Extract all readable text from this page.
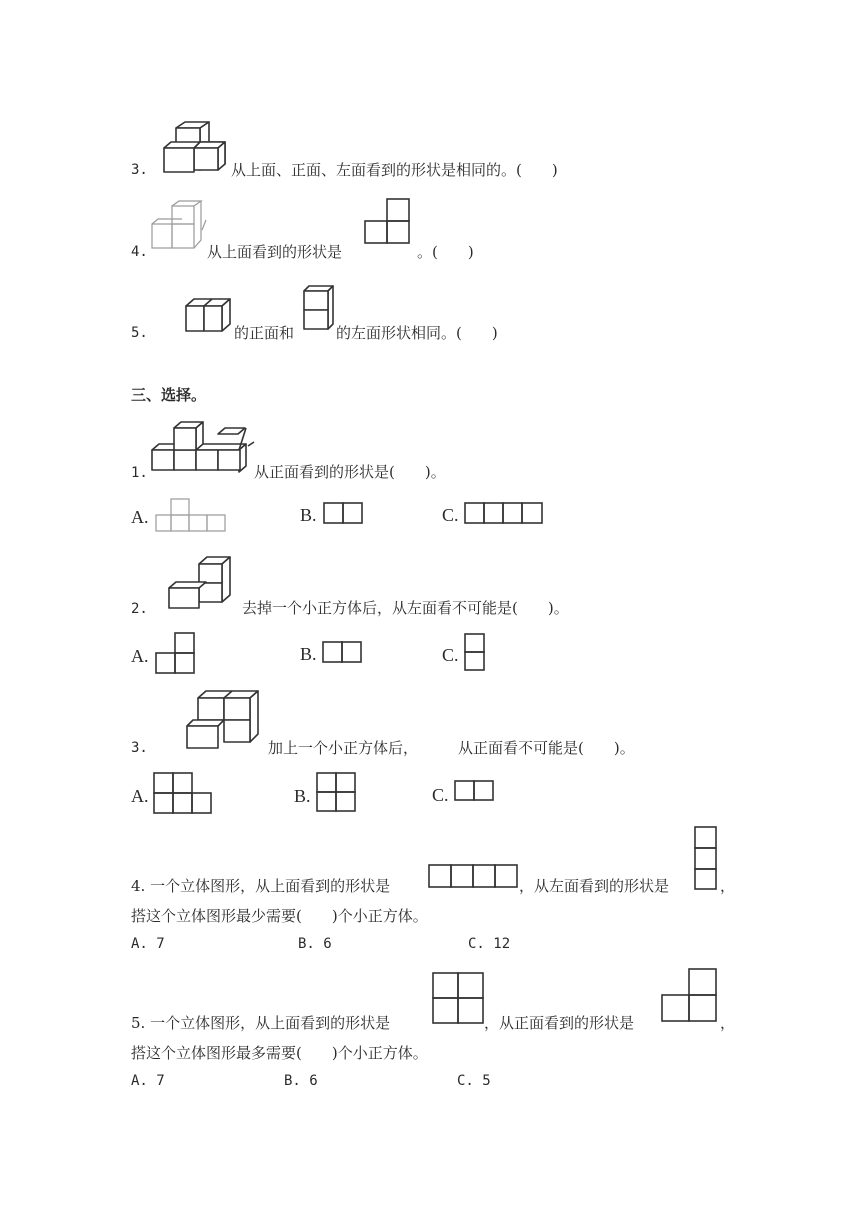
3.	从上面、正面、左面看到的形状是相同的。(　　)
4.	从上面看到的形状是	。(　　)
5.	的正面和	的左面形状相同。(　　)
三、选择。
1.	从正面看到的形状是(　　)。
A.	B.	C.
2.	去掉一个小正方体后，从左面看不可能是(　　)。
A.	B.	C.
3.	加上一个小正方体后，	从正面看不可能是(　　)。
A.	B.	C.
4. 一个立体图形，从上面看到的形状是	，从左面看到的形状是	，
搭这个立体图形最少需要(　　)个小正方体。
A. 7	B. 6	C. 12
5. 一个立体图形，从上面看到的形状是	，从正面看到的形状是	，
搭这个立体图形最多需要(　　)个小正方体。
A. 7	B. 6	C. 5
